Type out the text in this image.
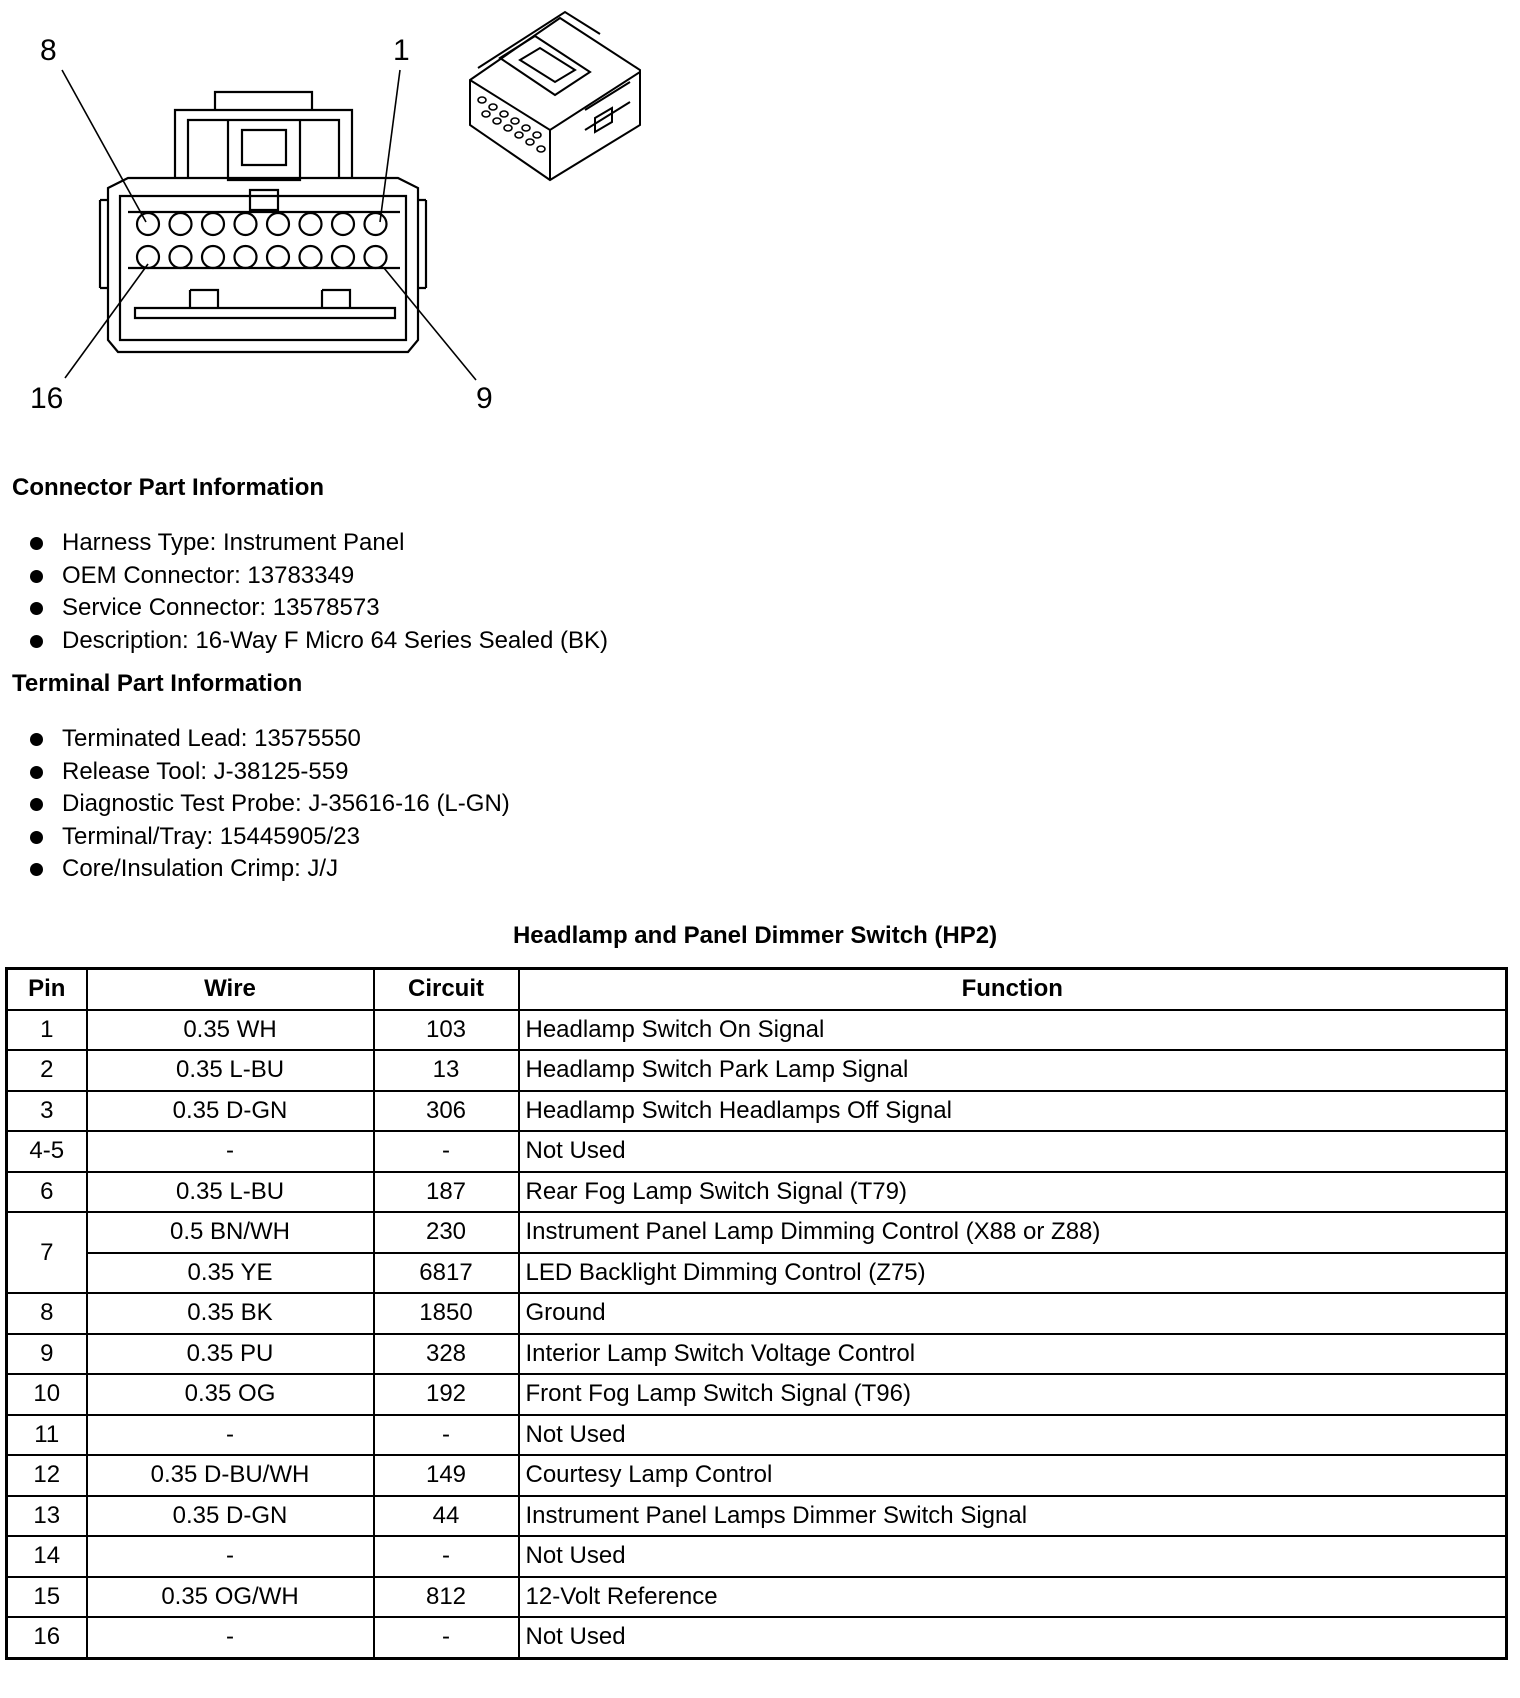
8	1
16	9
Connector Part Information
Harness Type: Instrument Panel
OEM Connector: 13783349
Service Connector: 13578573
Description: 16-Way F Micro 64 Series Sealed (BK)
Terminal Part Information
Terminated Lead: 13575550
Release Tool: J-38125-559
Diagnostic Test Probe: J-35616-16 (L-GN)
Terminal/Tray: 15445905/23
Core/Insulation Crimp: J/J
Headlamp and Panel Dimmer Switch (HP2)
Pin	Wire	Circuit	Function
1	0.35 WH	103	Headlamp Switch On Signal
2	0.35 L-BU	13	Headlamp Switch Park Lamp Signal
3	0.35 D-GN	306	Headlamp Switch Headlamps Off Signal
4-5	-	-	Not Used
6	0.35 L-BU	187	Rear Fog Lamp Switch Signal (T79)
7	0.5 BN/WH	230	Instrument Panel Lamp Dimming Control (X88 or Z88)
	0.35 YE	6817	LED Backlight Dimming Control (Z75)
8	0.35 BK	1850	Ground
9	0.35 PU	328	Interior Lamp Switch Voltage Control
10	0.35 OG	192	Front Fog Lamp Switch Signal (T96)
11	-	-	Not Used
12	0.35 D-BU/WH	149	Courtesy Lamp Control
13	0.35 D-GN	44	Instrument Panel Lamps Dimmer Switch Signal
14	-	-	Not Used
15	0.35 OG/WH	812	12-Volt Reference
16	-	-	Not Used
